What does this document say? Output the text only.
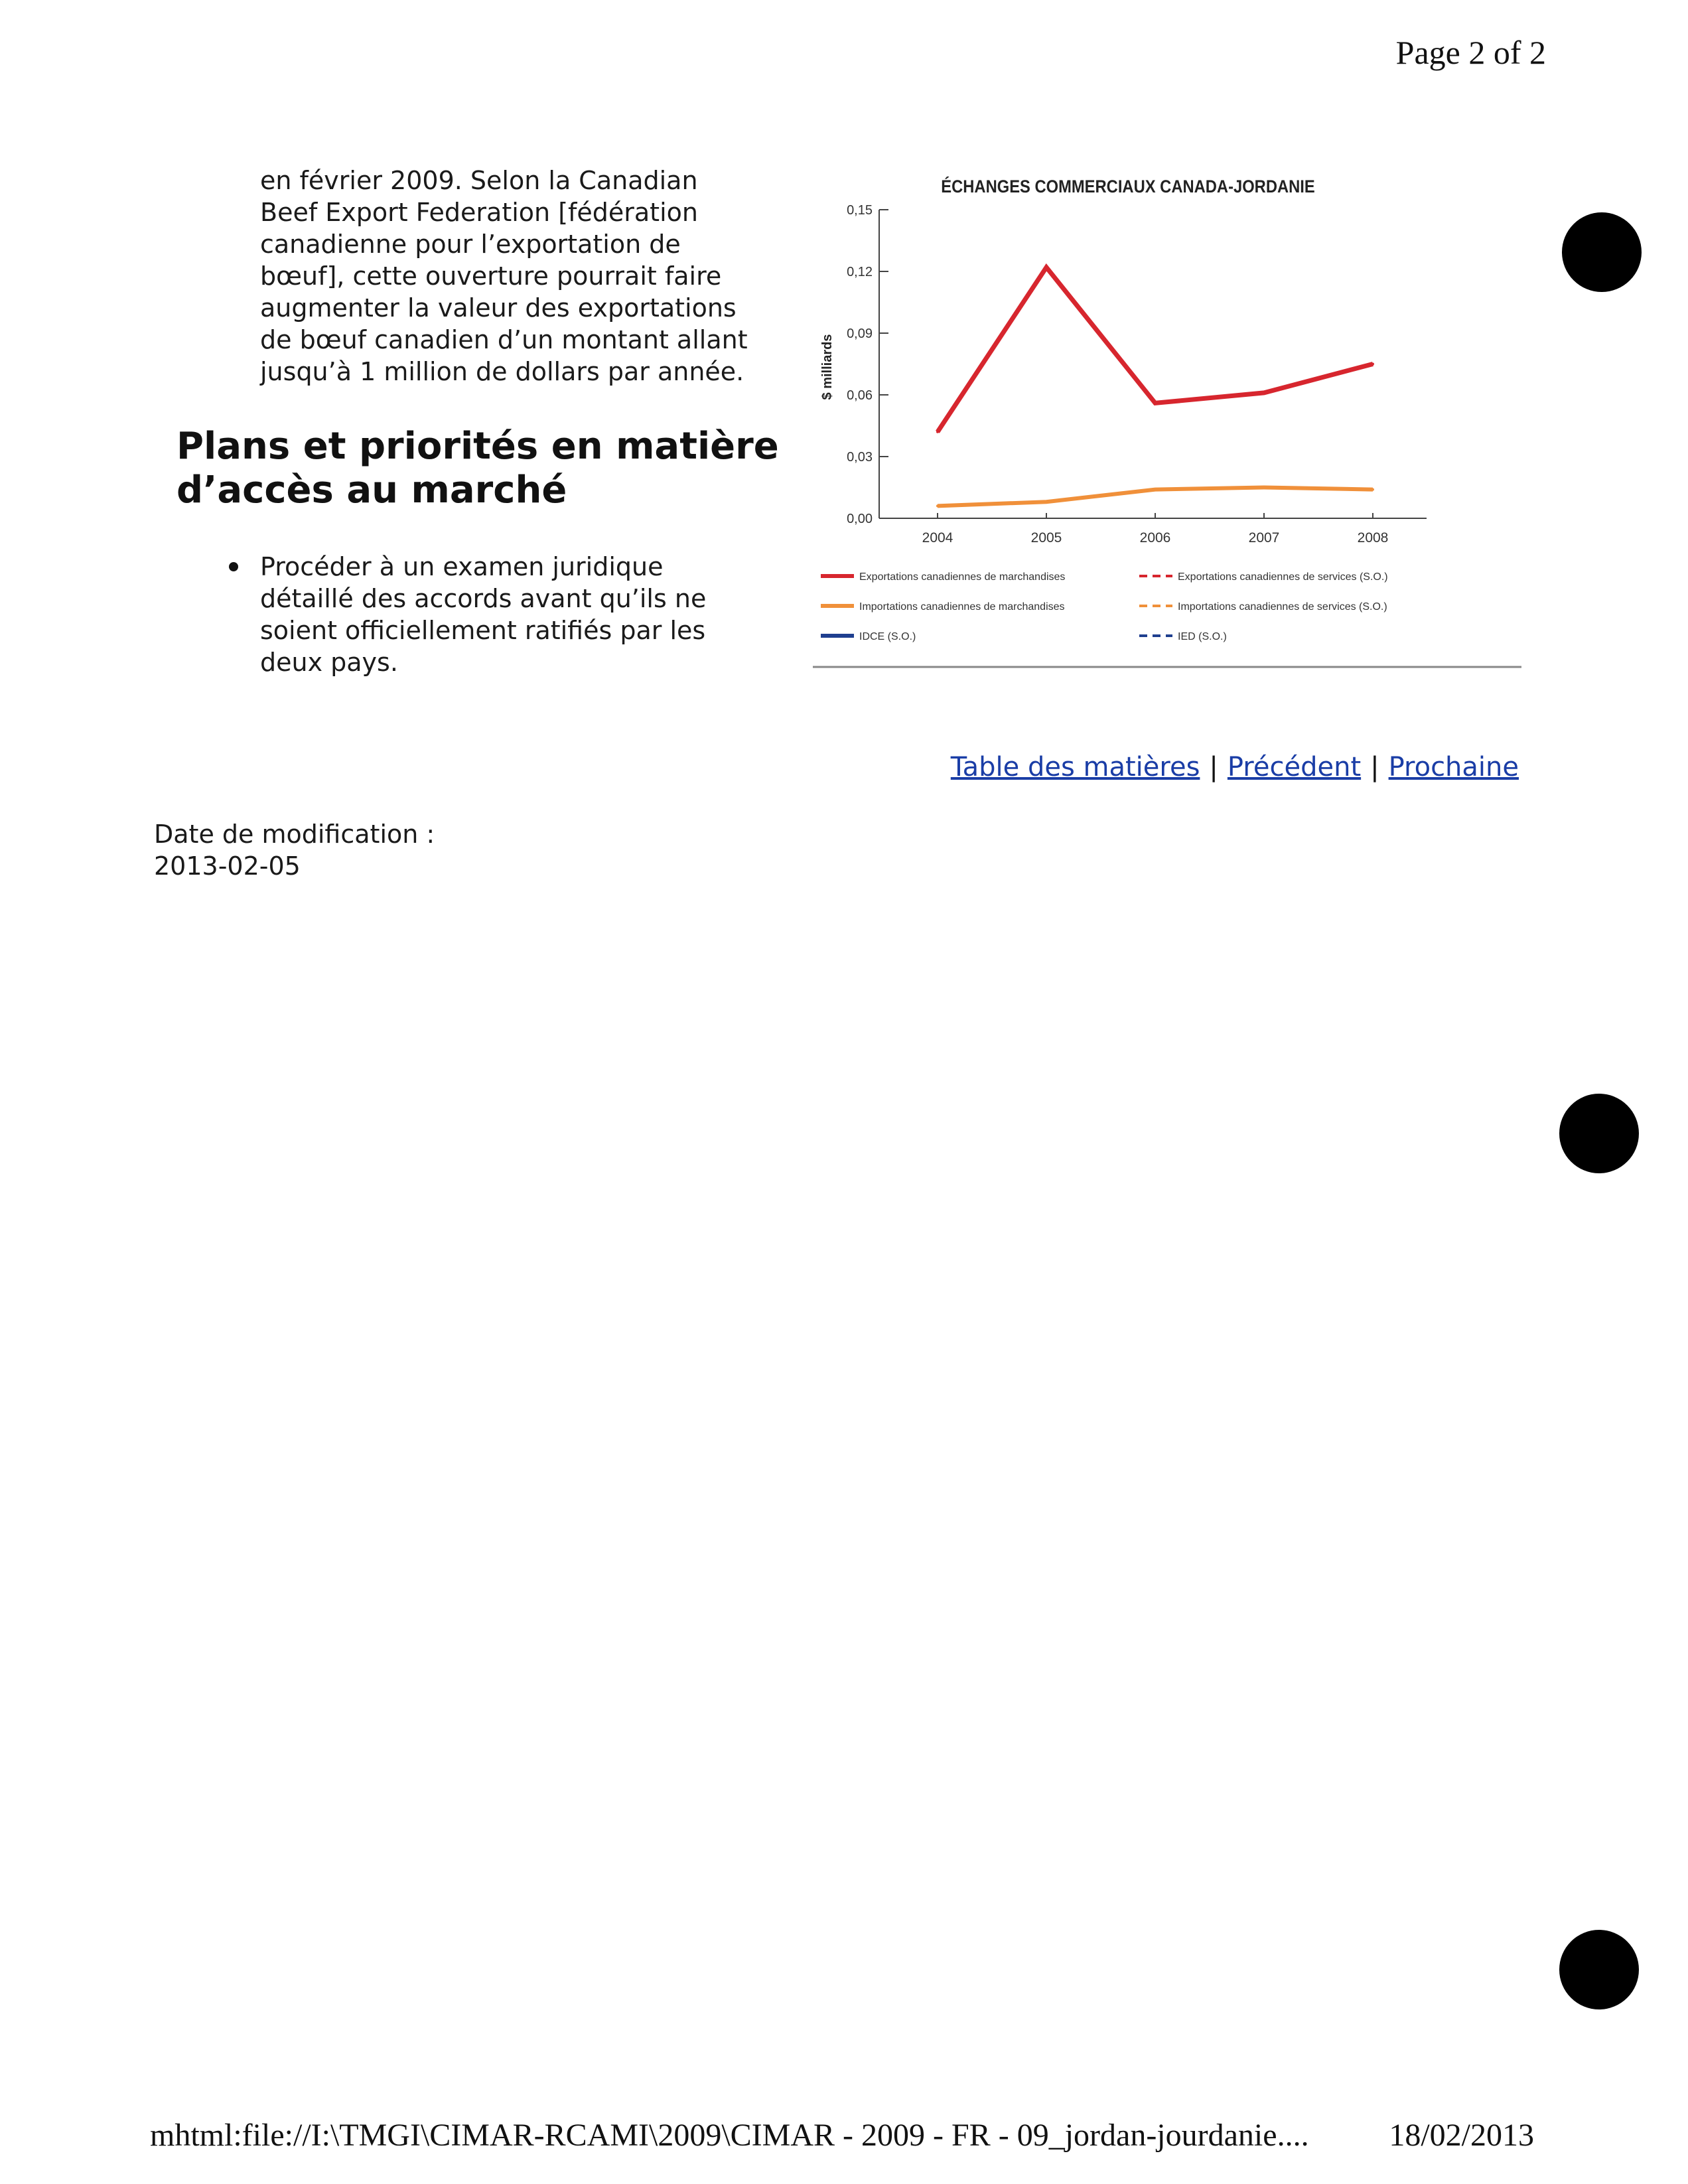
Page 2 of 2
en février 2009. Selon la Canadian
Beef Export Federation [fédération
canadienne pour l’exportation de
bœuf], cette ouverture pourrait faire
augmenter la valeur des exportations
de bœuf canadien d’un montant allant
jusqu’à 1 million de dollars par année.
Plans et priorités en matière
d’accès au marché
Procéder à un examen juridique
détaillé des accords avant qu’ils ne
soient officiellement ratifiés par les
deux pays.
ÉCHANGES COMMERCIAUX CANADA-JORDANIE
$ milliards
0,00
0,03
0,06
0,09
0,12
0,15
2004	2005	2006	2007	2008
Exportations canadiennes de marchandises
Importations canadiennes de marchandises
IDCE (S.O.)
Exportations canadiennes de services (S.O.)
Importations canadiennes de services (S.O.)
IED (S.O.)
Table des matières | Précédent | Prochaine
Date de modification :
2013-02-05
mhtml:file://I:\TMGI\CIMAR-RCAMI\2009\CIMAR - 2009 - FR - 09_jordan-jourdanie....	18/02/2013
